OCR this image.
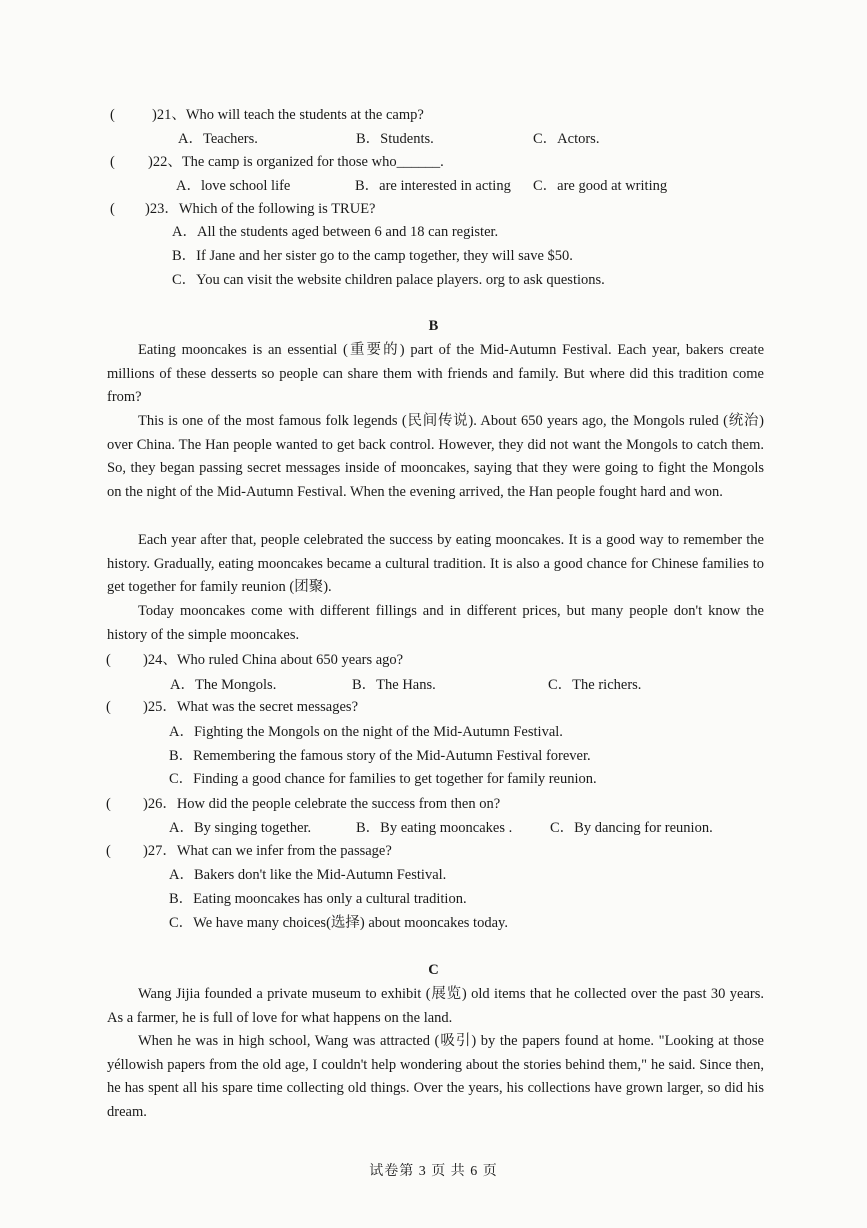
(	)21、Who will teach the students at the camp?
A．Teachers.	B．Students.	C．Actors.
( )22、The camp is organized for those who______.
A．love school life	B．are interested in acting C．are good at writing
( )23．Which of the following is TRUE?
A．All the students aged between 6 and 18 can register.
B．If Jane and her sister go to the camp together, they will save $50.
C．You can visit the website children palace players. org to ask questions.
B

Eating mooncakes is an essential (重要的) part of the Mid-Autumn Festival. Each year, bakers create millions of these desserts so people can share them with friends and family. But where did this tradition come from?

This is one of the most famous folk legends (民间传说). About 650 years ago, the Mongols ruled (统治) over China. The Han people wanted to get back control. However, they did not want the Mongols to catch them. So, they began passing secret messages inside of mooncakes, saying that they were going to fight the Mongols on the night of the Mid-Autumn Festival. When the evening arrived, the Han people fought hard and won.

Each year after that, people celebrated the success by eating mooncakes. It is a good way to remember the history. Gradually, eating mooncakes became a cultural tradition. It is also a good chance for Chinese families to get together for family reunion (团聚).

Today mooncakes come with different fillings and in different prices, but many people don't know the history of the simple mooncakes.

( )24、Who ruled China about 650 years ago?
A．The Mongols.	B．The Hans.	C．The richers.
( )25．What was the secret messages?
A．Fighting the Mongols on the night of the Mid-Autumn Festival.
B．Remembering the famous story of the Mid-Autumn Festival forever.
C．Finding a good chance for families to get together for family reunion.
( )26．How did the people celebrate the success from then on?
A．By singing together.	B．By eating mooncakes .	C．By dancing for reunion.
( )27．What can we infer from the passage?
A．Bakers don't like the Mid-Autumn Festival.
B．Eating mooncakes has only a cultural tradition.
C．We have many choices(选择) about mooncakes today.
C

Wang Jijia founded a private museum to exhibit (展览) old items that he collected over the past 30 years. As a farmer, he is full of love for what happens on the land.

When he was in high school, Wang was attracted (吸引) by the papers found at home. "Looking at those yéllowish papers from the old age, I couldn't help wondering about the stories behind them," he said. Since then, he has spent all his spare time collecting old things. Over the years, his collections have grown larger, so did his dream.

试卷第 3 页 共 6 页
